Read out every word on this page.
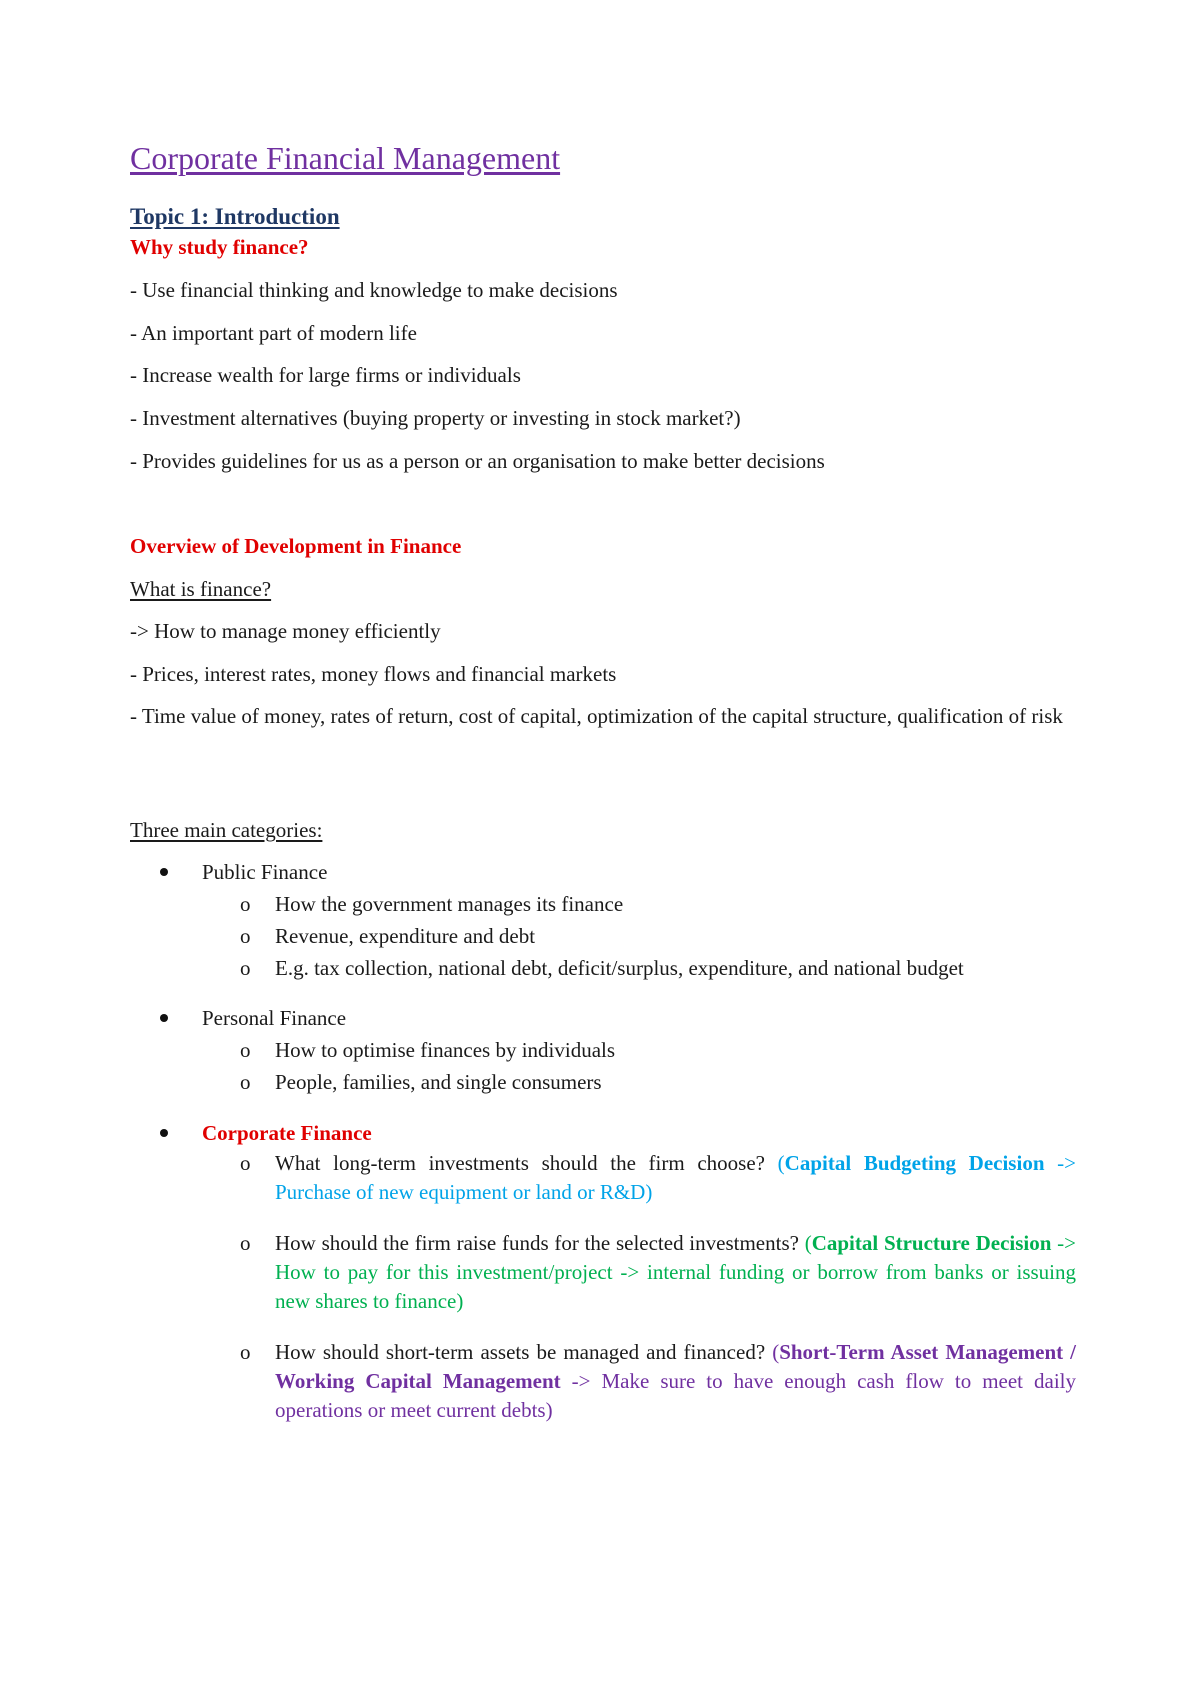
Corporate Financial Management
Topic 1: Introduction

Why study finance?

- Use financial thinking and knowledge to make decisions

- An important part of modern life

- Increase wealth for large firms or individuals

- Investment alternatives (buying property or investing in stock market?)

- Provides guidelines for us as a person or an organisation to make better decisions

Overview of Development in Finance

What is finance?

-> How to manage money efficiently

- Prices, interest rates, money flows and financial markets

- Time value of money, rates of return, cost of capital, optimization of the capital structure, qualification of risk

Three main categories:

Public Finance
o How the government manages its finance
o Revenue, expenditure and debt
o E.g. tax collection, national debt, deficit/surplus, expenditure, and national budget
Personal Finance
o How to optimise finances by individuals
o People, families, and single consumers
Corporate Finance
o What long-term investments should the firm choose? (Capital Budgeting Decision -> Purchase of new equipment or land or R&D)
o How should the firm raise funds for the selected investments? (Capital Structure Decision -> How to pay for this investment/project -> internal funding or borrow from banks or issuing new shares to finance)
o How should short-term assets be managed and financed? (Short-Term Asset Management / Working Capital Management -> Make sure to have enough cash flow to meet daily operations or meet current debts)
